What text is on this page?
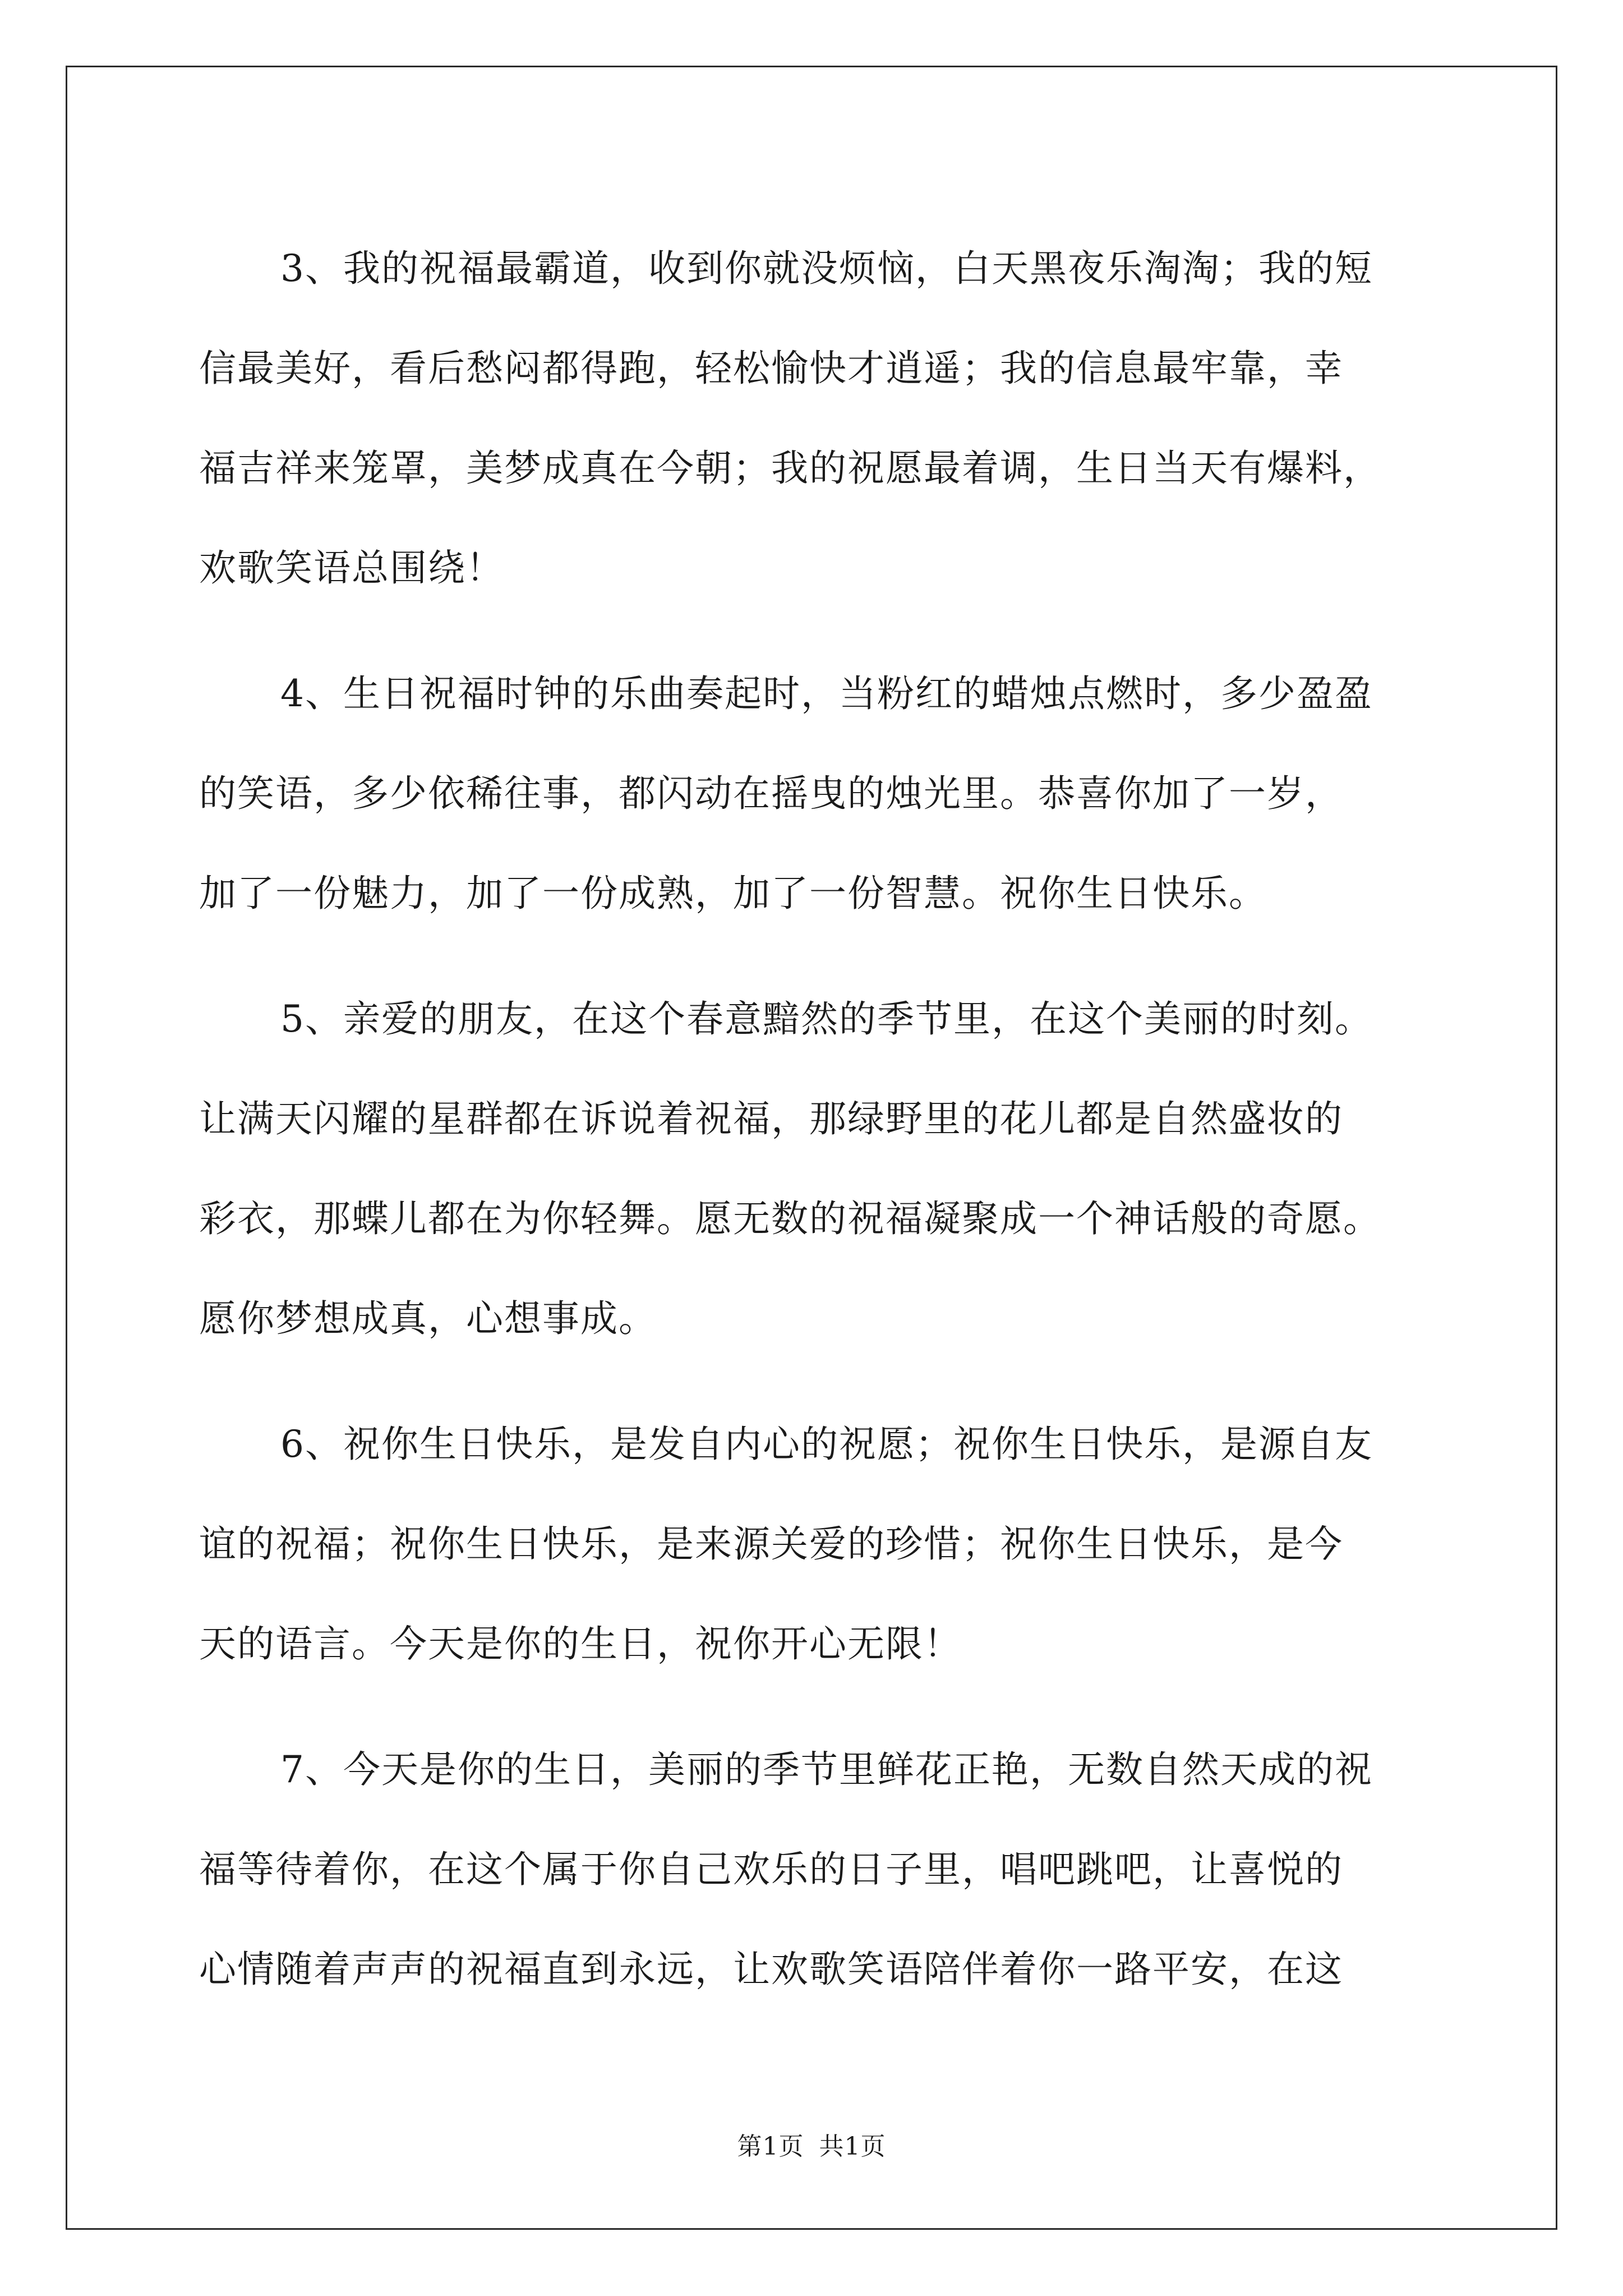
3、我的祝福最霸道，收到你就没烦恼，白天黑夜乐淘淘；我的短
信最美好，看后愁闷都得跑，轻松愉快才逍遥；我的信息最牢靠，幸
福吉祥来笼罩，美梦成真在今朝；我的祝愿最着调，生日当天有爆料，
欢歌笑语总围绕！

4、生日祝福时钟的乐曲奏起时，当粉红的蜡烛点燃时，多少盈盈
的笑语，多少依稀往事，都闪动在摇曳的烛光里。恭喜你加了一岁，
加了一份魅力，加了一份成熟，加了一份智慧。祝你生日快乐。

5、亲爱的朋友，在这个春意黯然的季节里，在这个美丽的时刻。
让满天闪耀的星群都在诉说着祝福，那绿野里的花儿都是自然盛妆的
彩衣，那蝶儿都在为你轻舞。愿无数的祝福凝聚成一个神话般的奇愿。
愿你梦想成真，心想事成。

6、祝你生日快乐，是发自内心的祝愿；祝你生日快乐，是源自友
谊的祝福；祝你生日快乐，是来源关爱的珍惜；祝你生日快乐，是今
天的语言。今天是你的生日，祝你开心无限！

7、今天是你的生日，美丽的季节里鲜花正艳，无数自然天成的祝
福等待着你，在这个属于你自己欢乐的日子里，唱吧跳吧，让喜悦的
心情随着声声的祝福直到永远，让欢歌笑语陪伴着你一路平安，在这

第1页 共1页
